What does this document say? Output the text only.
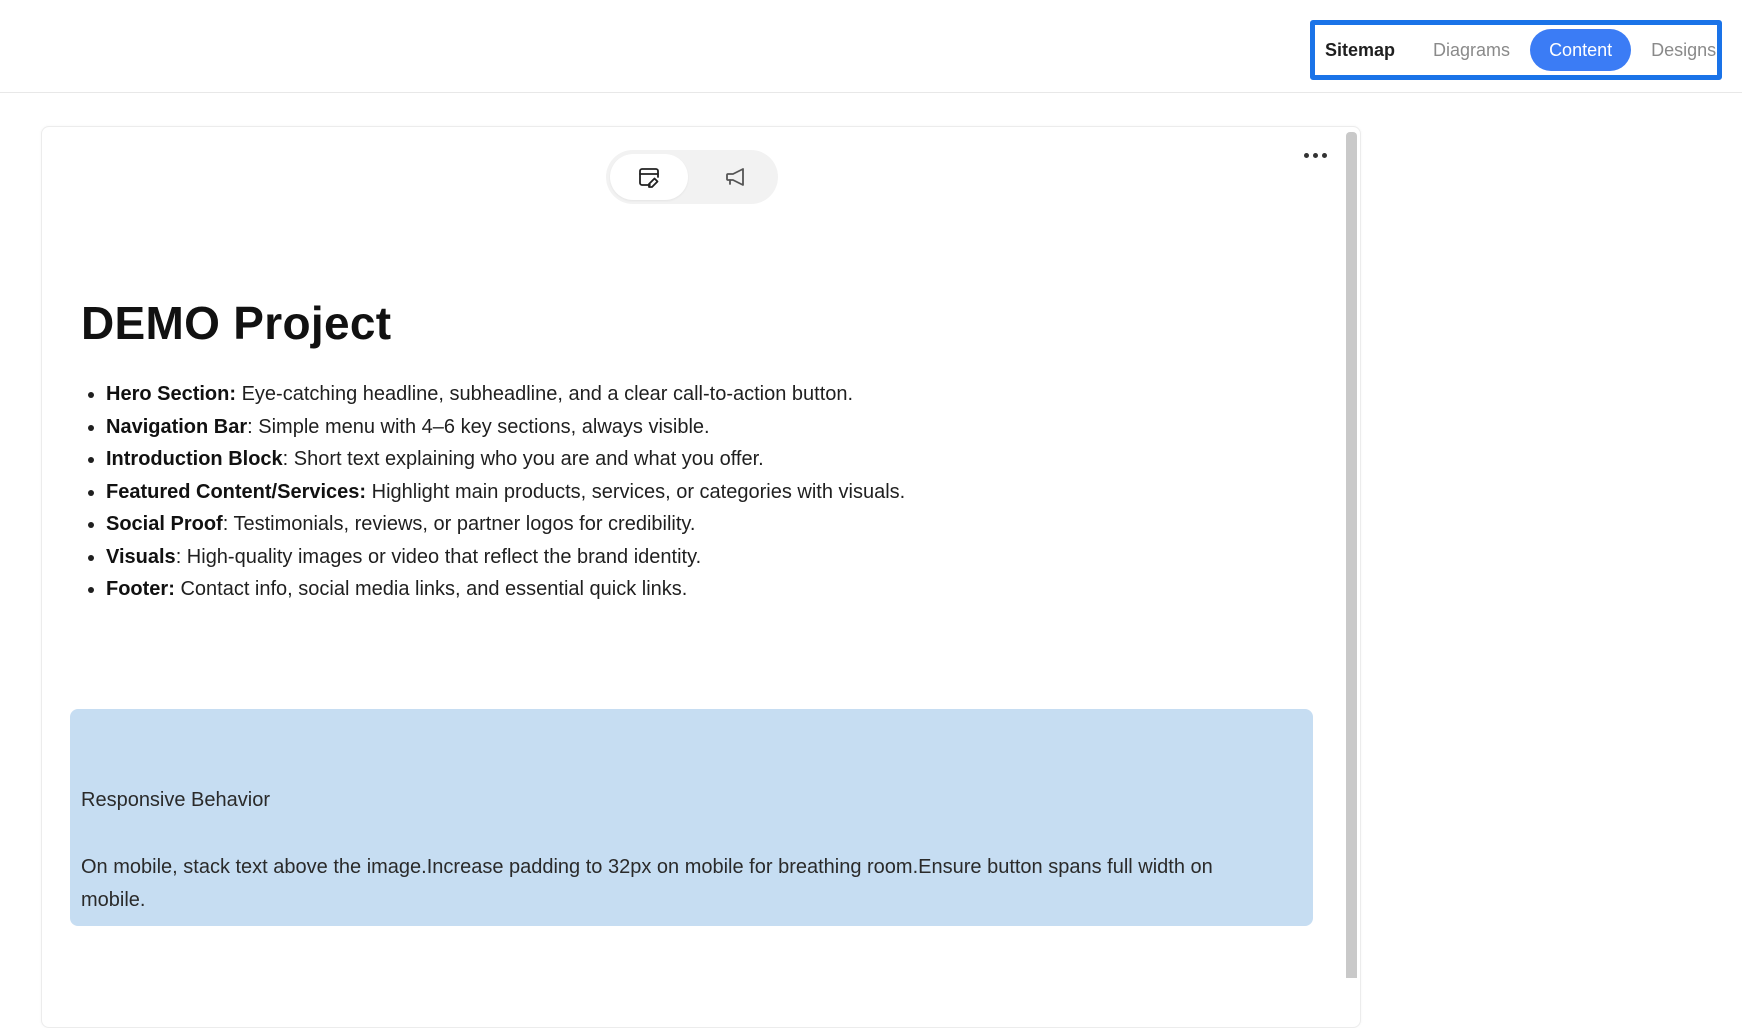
Sitemap	Diagrams	Content	Designs
DEMO Project
• Hero Section: Eye-catching headline, subheadline, and a clear call-to-action button.
• Navigation Bar: Simple menu with 4–6 key sections, always visible.
• Introduction Block: Short text explaining who you are and what you offer.
• Featured Content/Services: Highlight main products, services, or categories with visuals.
• Social Proof: Testimonials, reviews, or partner logos for credibility.
• Visuals: High-quality images or video that reflect the brand identity.
• Footer: Contact info, social media links, and essential quick links.
Responsive Behavior
On mobile, stack text above the image.Increase padding to 32px on mobile for breathing room.Ensure button spans full width on mobile.
